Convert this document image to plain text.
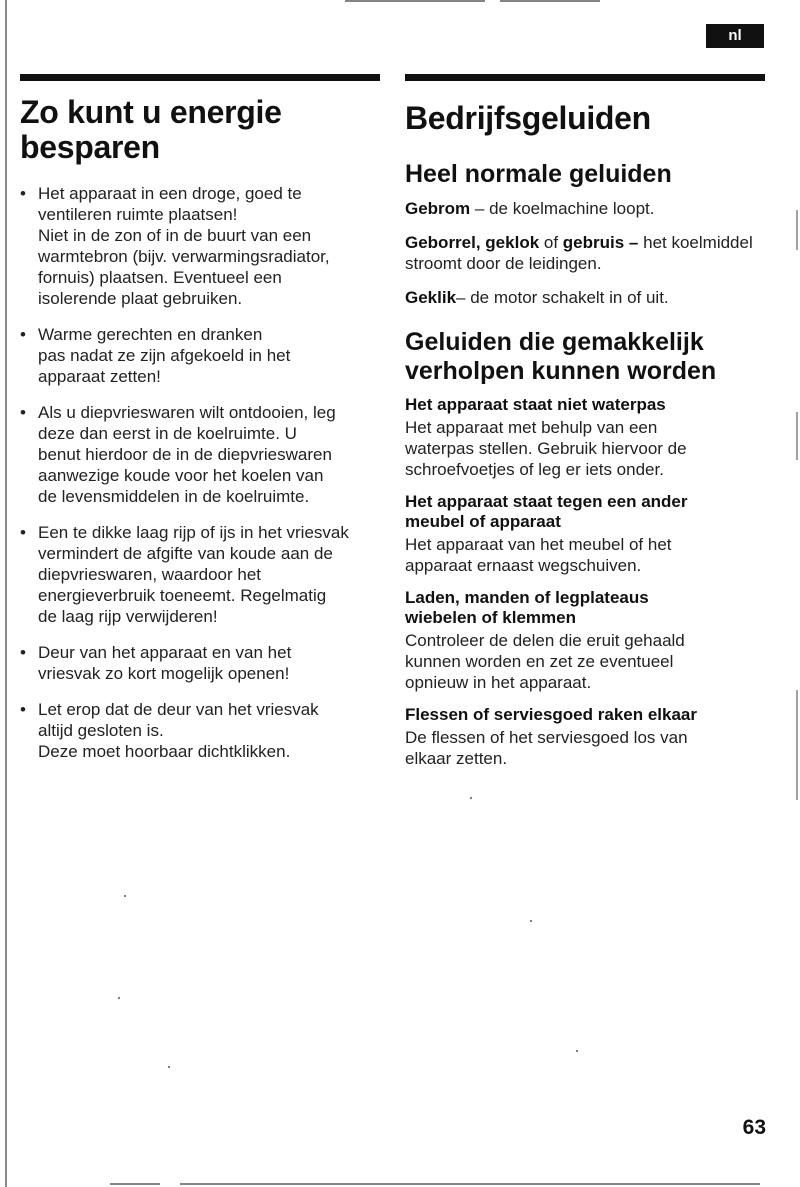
nl
Zo kunt u energie
besparen
• Het apparaat in een droge, goed te
ventileren ruimte plaatsen!
Niet in de zon of in de buurt van een
warmtebron (bijv. verwarmingsradiator,
fornuis) plaatsen. Eventueel een
isolerende plaat gebruiken.
• Warme gerechten en dranken
pas nadat ze zijn afgekoeld in het
apparaat zetten!
• Als u diepvrieswaren wilt ontdooien, leg
deze dan eerst in de koelruimte. U
benut hierdoor de in de diepvrieswaren
aanwezige koude voor het koelen van
de levensmiddelen in de koelruimte.
• Een te dikke laag rijp of ijs in het vriesvak
vermindert de afgifte van koude aan de
diepvrieswaren, waardoor het
energieverbruik toeneemt. Regelmatig
de laag rijp verwijderen!
• Deur van het apparaat en van het
vriesvak zo kort mogelijk openen!
• Let erop dat de deur van het vriesvak
altijd gesloten is.
Deze moet hoorbaar dichtklikken.
Bedrijfsgeluiden
Heel normale geluiden
Gebrom – de koelmachine loopt.
Geborrel, geklok of gebruis – het koelmiddel stroomt door de leidingen.
Geklik– de motor schakelt in of uit.
Geluiden die gemakkelijk
verholpen kunnen worden
Het apparaat staat niet waterpas

Het apparaat met behulp van een
waterpas stellen. Gebruik hiervoor de
schroefvoetjes of leg er iets onder.

Het apparaat staat tegen een ander
meubel of apparaat

Het apparaat van het meubel of het
apparaat ernaast wegschuiven.

Laden, manden of legplateaus
wiebelen of klemmen

Controleer de delen die eruit gehaald
kunnen worden en zet ze eventueel
opnieuw in het apparaat.

Flessen of serviesgoed raken elkaar

De flessen of het serviesgoed los van
elkaar zetten.

63
